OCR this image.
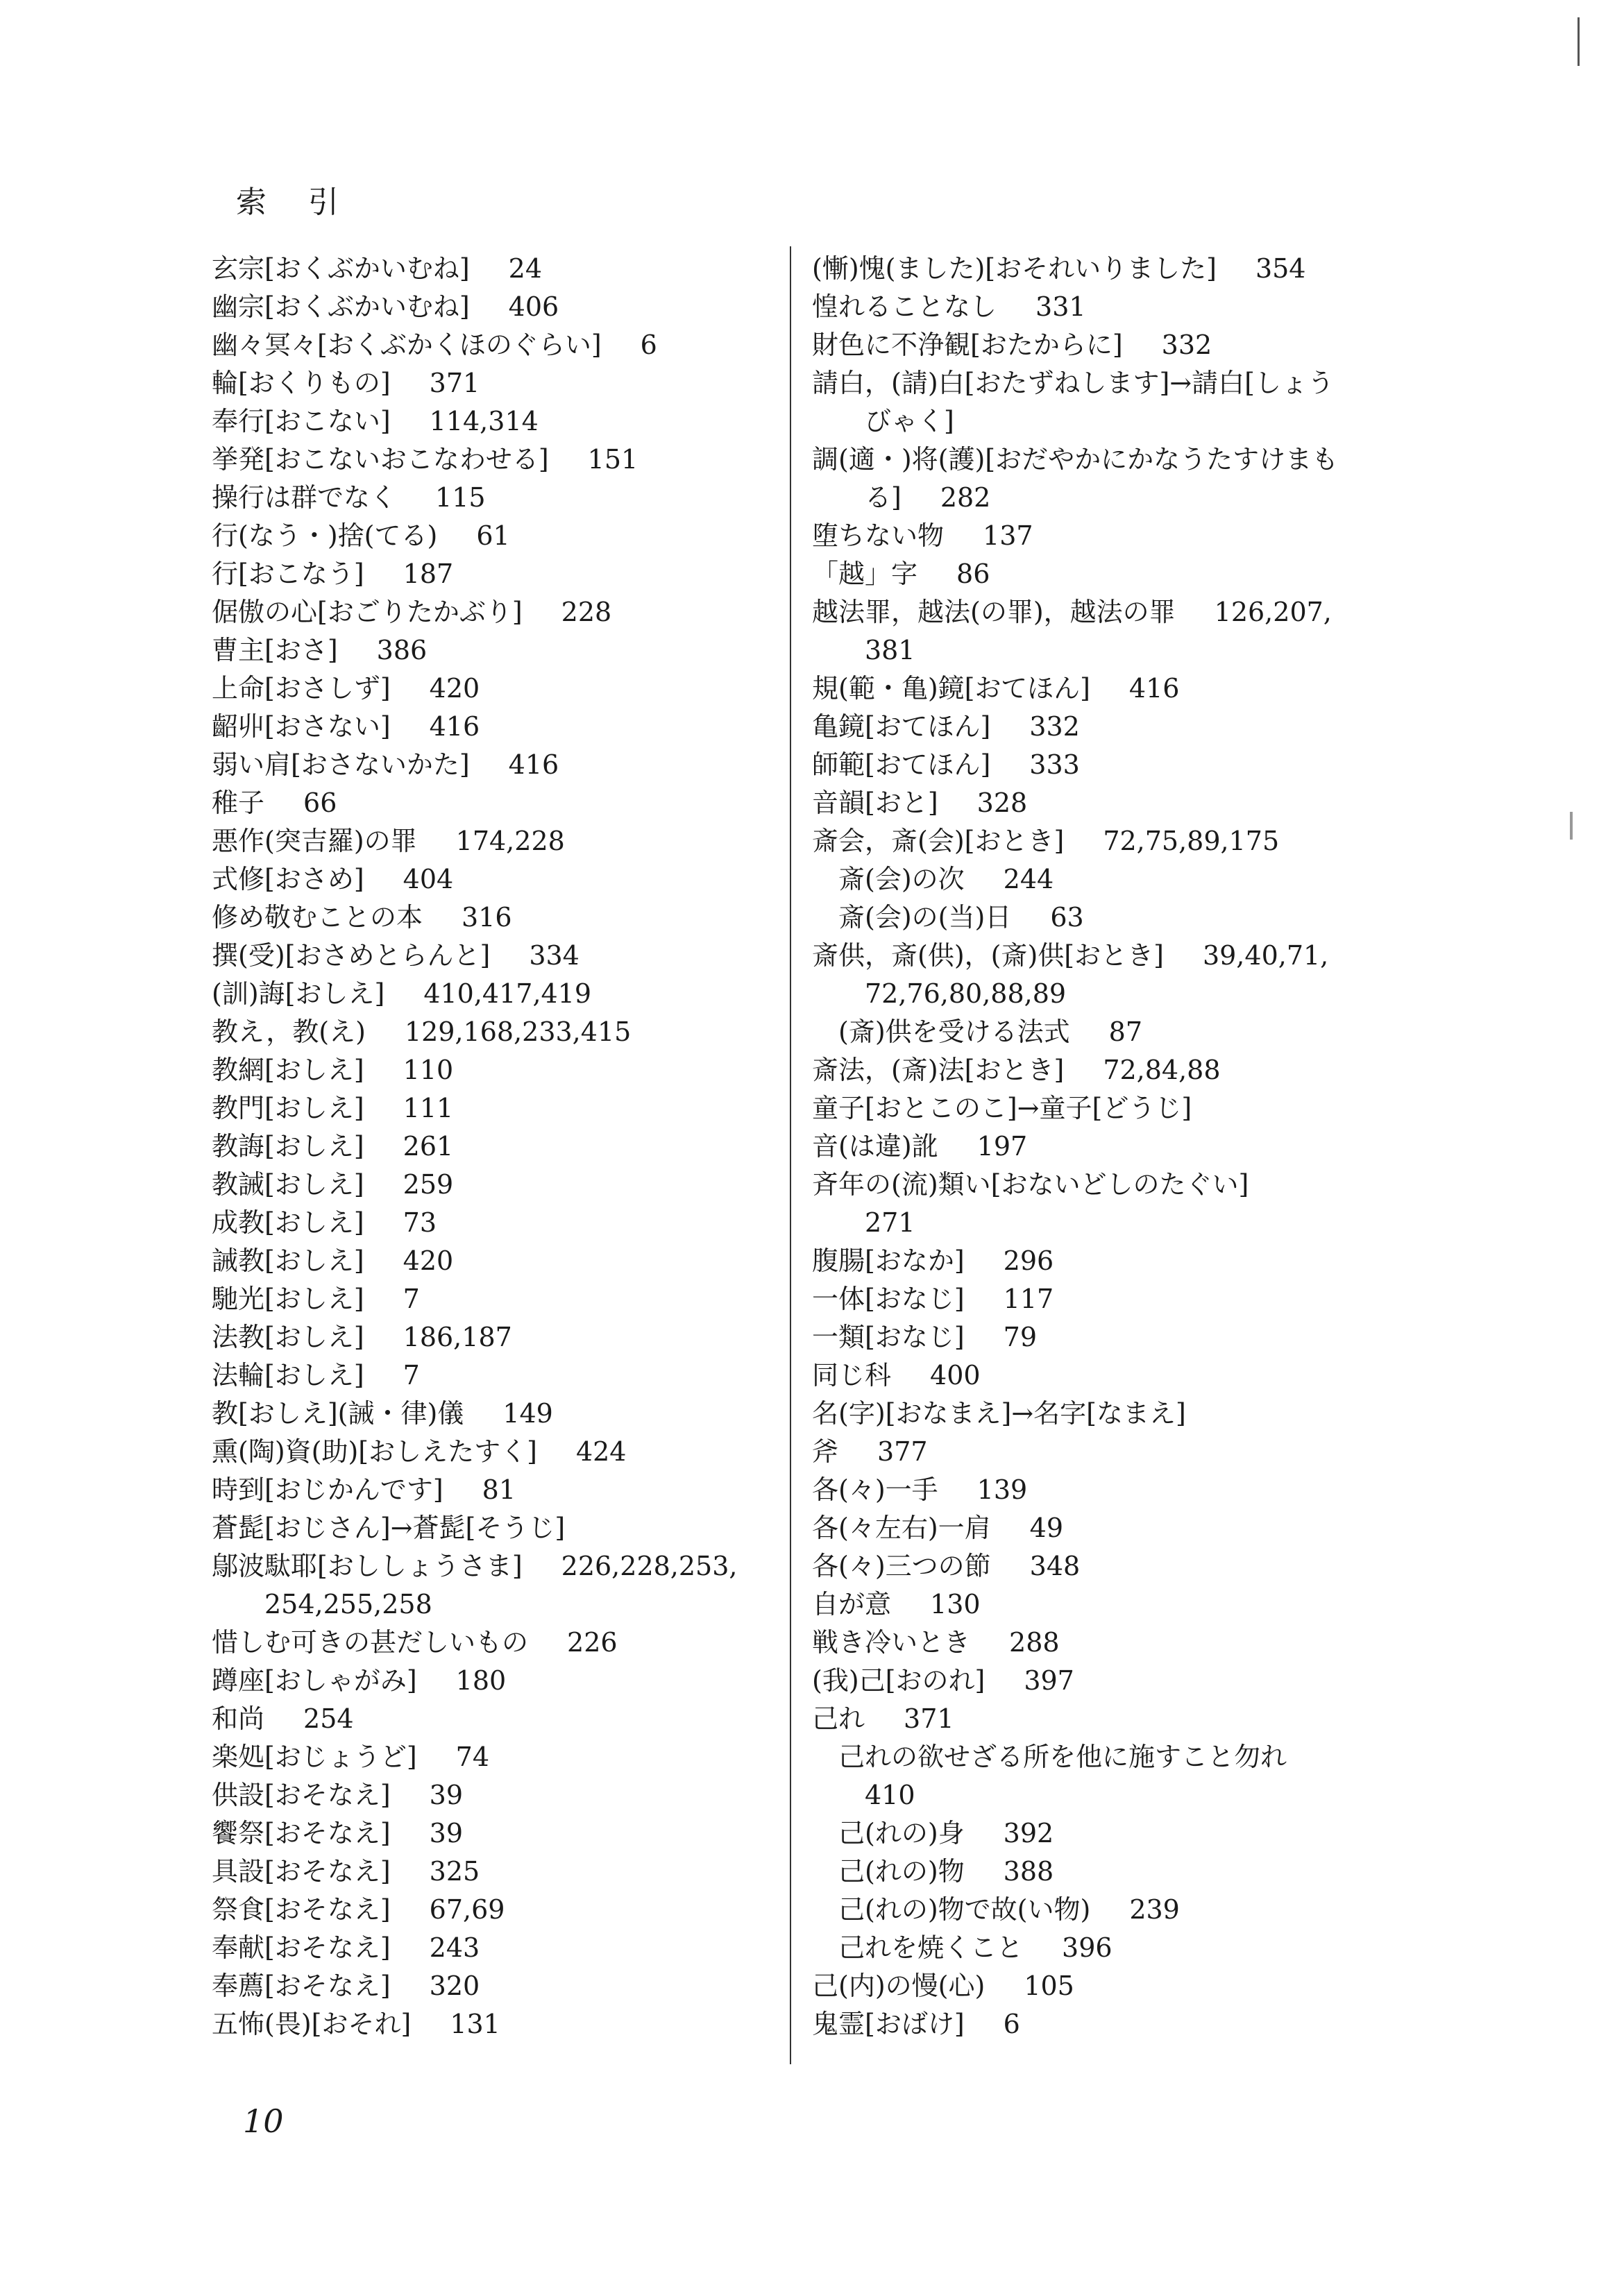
索引
玄宗[おくぶかいむね] 24
幽宗[おくぶかいむね] 406
幽々冥々[おくぶかくほのぐらい] 6
輪[おくりもの] 371
奉行[おこない] 114,314
挙発[おこないおこなわせる] 151
操行は群でなく 115
行(なう・)捨(てる) 61
行[おこなう] 187
倨傲の心[おごりたかぶり] 228
曹主[おさ] 386
上命[おさしず] 420
齠丱[おさない] 416
弱い肩[おさないかた] 416
稚子 66
悪作(突吉羅)の罪 174,228
式修[おさめ] 404
修め敬むことの本 316
撰(受)[おさめとらんと] 334
(訓)誨[おしえ] 410,417,419
教え，教(え) 129,168,233,415
教網[おしえ] 110
教門[おしえ] 111
教誨[おしえ] 261
教誡[おしえ] 259
成教[おしえ] 73
誡教[おしえ] 420
馳光[おしえ] 7
法教[おしえ] 186,187
法輪[おしえ] 7
教[おしえ](誡・律)儀 149
熏(陶)資(助)[おしえたすく] 424
時到[おじかんです] 81
蒼髭[おじさん]→蒼髭[そうじ]
鄔波駄耶[おししょうさま] 226,228,253,
254,255,258
惜しむ可きの甚だしいもの 226
蹲座[おしゃがみ] 180
和尚 254
楽処[おじょうど] 74
供設[おそなえ] 39
饗祭[おそなえ] 39
具設[おそなえ] 325
祭食[おそなえ] 67,69
奉献[おそなえ] 243
奉薦[おそなえ] 320
五怖(畏)[おそれ] 131
(慚)愧(ました)[おそれいりました] 354
惶れることなし 331
財色に不浄観[おたからに] 332
請白，(請)白[おたずねします]→請白[しょう
びゃく]
調(適・)将(護)[おだやかにかなうたすけまも
る] 282
堕ちない物 137
「越」字 86
越法罪，越法(の罪)，越法の罪 126,207,
381
規(範・亀)鏡[おてほん] 416
亀鏡[おてほん] 332
師範[おてほん] 333
音韻[おと] 328
斎会，斎(会)[おとき] 72,75,89,175
斎(会)の次 244
斎(会)の(当)日 63
斎供，斎(供)，(斎)供[おとき] 39,40,71,
72,76,80,88,89
(斎)供を受ける法式 87
斎法，(斎)法[おとき] 72,84,88
童子[おとこのこ]→童子[どうじ]
音(は違)訛 197
斉年の(流)類い[おないどしのたぐい]
271
腹腸[おなか] 296
一体[おなじ] 117
一類[おなじ] 79
同じ科 400
名(字)[おなまえ]→名字[なまえ]
斧 377
各(々)一手 139
各(々左右)一肩 49
各(々)三つの節 348
自が意 130
戦き冷いとき 288
(我)己[おのれ] 397
己れ 371
己れの欲せざる所を他に施すこと勿れ
410
己(れの)身 392
己(れの)物 388
己(れの)物で故(い物) 239
己れを焼くこと 396
己(内)の慢(心) 105
鬼霊[おばけ] 6
10
